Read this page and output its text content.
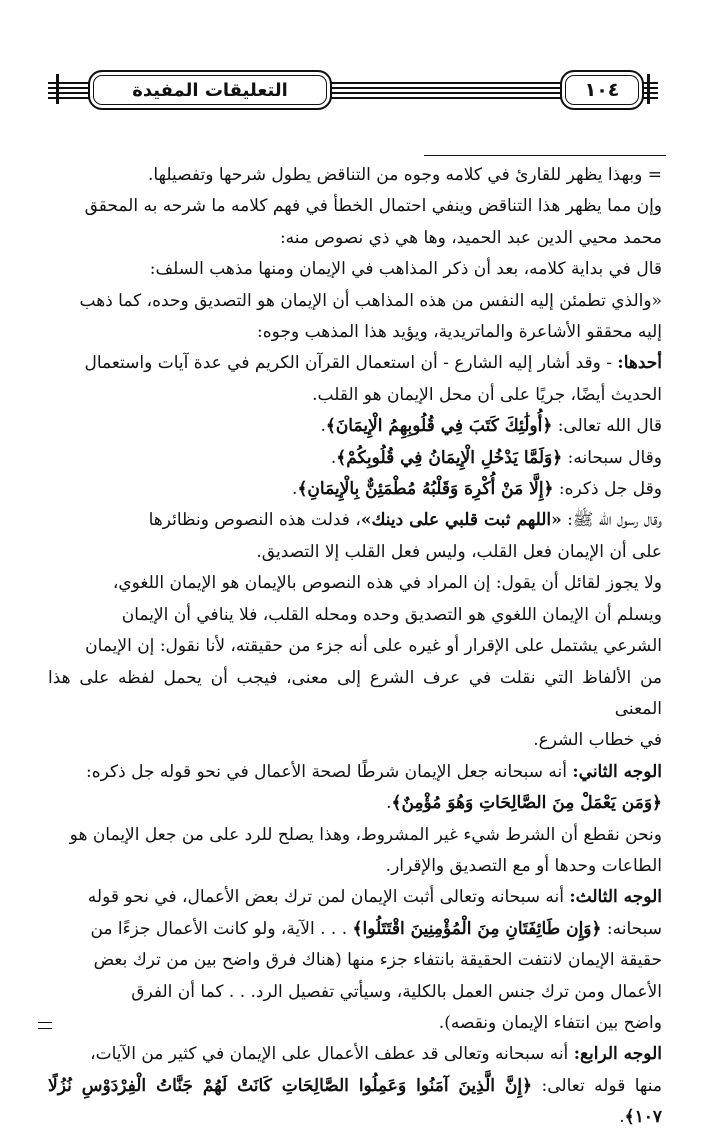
التعليقات المفيدة	١٠٤

= وبهذا يظهر للقارئ في كلامه وجوه من التناقض يطول شرحها وتفصيلها.

وإن مما يظهر هذا التناقض وينفي احتمال الخطأ في فهم كلامه ما شرحه به المحقق

محمد محيي الدين عبد الحميد، وها هي ذي نصوص منه:

قال في بداية كلامه، بعد أن ذكر المذاهب في الإيمان ومنها مذهب السلف:

«والذي تطمئن إليه النفس من هذه المذاهب أن الإيمان هو التصديق وحده، كما ذهب

إليه محققو الأشاعرة والماتريدية، ويؤيد هذا المذهب وجوه:

أحدها: - وقد أشار إليه الشارع - أن استعمال القرآن الكريم في عدة آيات واستعمال

الحديث أيضًا، جريًا على أن محل الإيمان هو القلب.

قال الله تعالى: ﴿أُولَٰئِكَ كَتَبَ فِي قُلُوبِهِمُ الْإِيمَانَ﴾.

وقال سبحانه: ﴿وَلَمَّا يَدْخُلِ الْإِيمَانُ فِي قُلُوبِكُمْ﴾.

وقل جل ذكره: ﴿إِلَّا مَنْ أُكْرِهَ وَقَلْبُهُ مُطْمَئِنٌّ بِالْإِيمَانِ﴾.

وقال رسول الله ﷺ: «اللهم ثبت قلبي على دينك»، فدلت هذه النصوص ونظائرها

على أن الإيمان فعل القلب، وليس فعل القلب إلا التصديق.

ولا يجوز لقائل أن يقول: إن المراد في هذه النصوص بالإيمان هو الإيمان اللغوي،

ويسلم أن الإيمان اللغوي هو التصديق وحده ومحله القلب، فلا ينافي أن الإيمان

الشرعي يشتمل على الإقرار أو غيره على أنه جزء من حقيقته، لأنا نقول: إن الإيمان

من الألفاظ التي نقلت في عرف الشرع إلى معنى، فيجب أن يحمل لفظه على هذا المعنى

في خطاب الشرع.

الوجه الثاني: أنه سبحانه جعل الإيمان شرطًا لصحة الأعمال في نحو قوله جل ذكره:

﴿وَمَن يَعْمَلْ مِنَ الصَّالِحَاتِ وَهُوَ مُؤْمِنٌ﴾.

ونحن نقطع أن الشرط شيء غير المشروط، وهذا يصلح للرد على من جعل الإيمان هو

الطاعات وحدها أو مع التصديق والإقرار.

الوجه الثالث: أنه سبحانه وتعالى أثبت الإيمان لمن ترك بعض الأعمال، في نحو قوله

سبحانه: ﴿وَإِن طَائِفَتَانِ مِنَ الْمُؤْمِنِينَ اقْتَتَلُوا﴾ . . . الآية، ولو كانت الأعمال جزءًا من

حقيقة الإيمان لانتفت الحقيقة بانتفاء جزء منها (هناك فرق واضح بين من ترك بعض

الأعمال ومن ترك جنس العمل بالكلية، وسيأتي تفصيل الرد. . . كما أن الفرق

واضح بين انتفاء الإيمان ونقصه).

الوجه الرابع: أنه سبحانه وتعالى قد عطف الأعمال على الإيمان في كثير من الآيات،

منها قوله تعالى: ﴿إِنَّ الَّذِينَ آمَنُوا وَعَمِلُوا الصَّالِحَاتِ كَانَتْ لَهُمْ جَنَّاتُ الْفِرْدَوْسِ نُزُلًا ١٠٧﴾.
